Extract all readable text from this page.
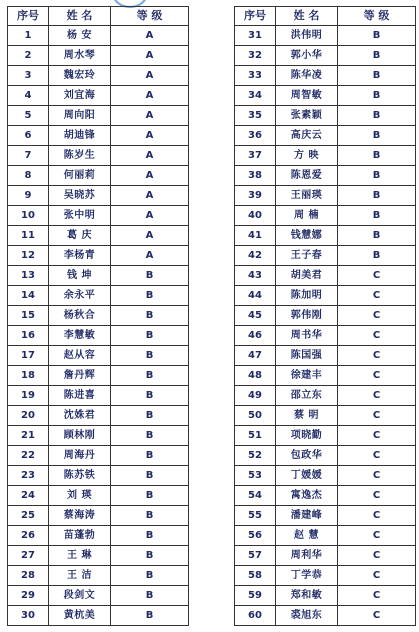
序号	姓 名	等 级
1	杨 安	A
2	周水琴	A
3	魏宏玲	A
4	刘宜海	A
5	周向阳	A
6	胡迪锋	A
7	陈岁生	A
8	何丽莉	A
9	吴晓苏	A
10	张中明	A
11	葛 庆	A
12	李杨青	A
13	钱 坤	B
14	余永平	B
15	杨秋合	B
16	李慧敏	B
17	赵从容	B
18	詹丹辉	B
19	陈进喜	B
20	沈姝君	B
21	顾林刚	B
22	周海丹	B
23	陈苏铁	B
24	刘 瑛	B
25	蔡海涛	B
26	苗蓬勃	B
27	王 琳	B
28	王 洁	B
29	段剑文	B
30	黄杭美	B
序号	姓 名	等 级
31	洪伟明	B
32	郭小华	B
33	陈华凌	B
34	周智敏	B
35	张素颖	B
36	高庆云	B
37	方 映	B
38	陈恩爱	B
39	王丽瑛	B
40	周 楠	B
41	钱慧娜	B
42	王子春	B
43	胡美君	C
44	陈加明	C
45	郭伟刚	C
46	周书华	C
47	陈国强	C
48	徐建丰	C
49	邵立东	C
50	蔡 明	C
51	项晓勤	C
52	包政华	C
53	丁媛媛	C
54	寓逸杰	C
55	潘建峰	C
56	赵 慧	C
57	周利华	C
58	丁学恭	C
59	郑和敏	C
60	裘旭东	C
